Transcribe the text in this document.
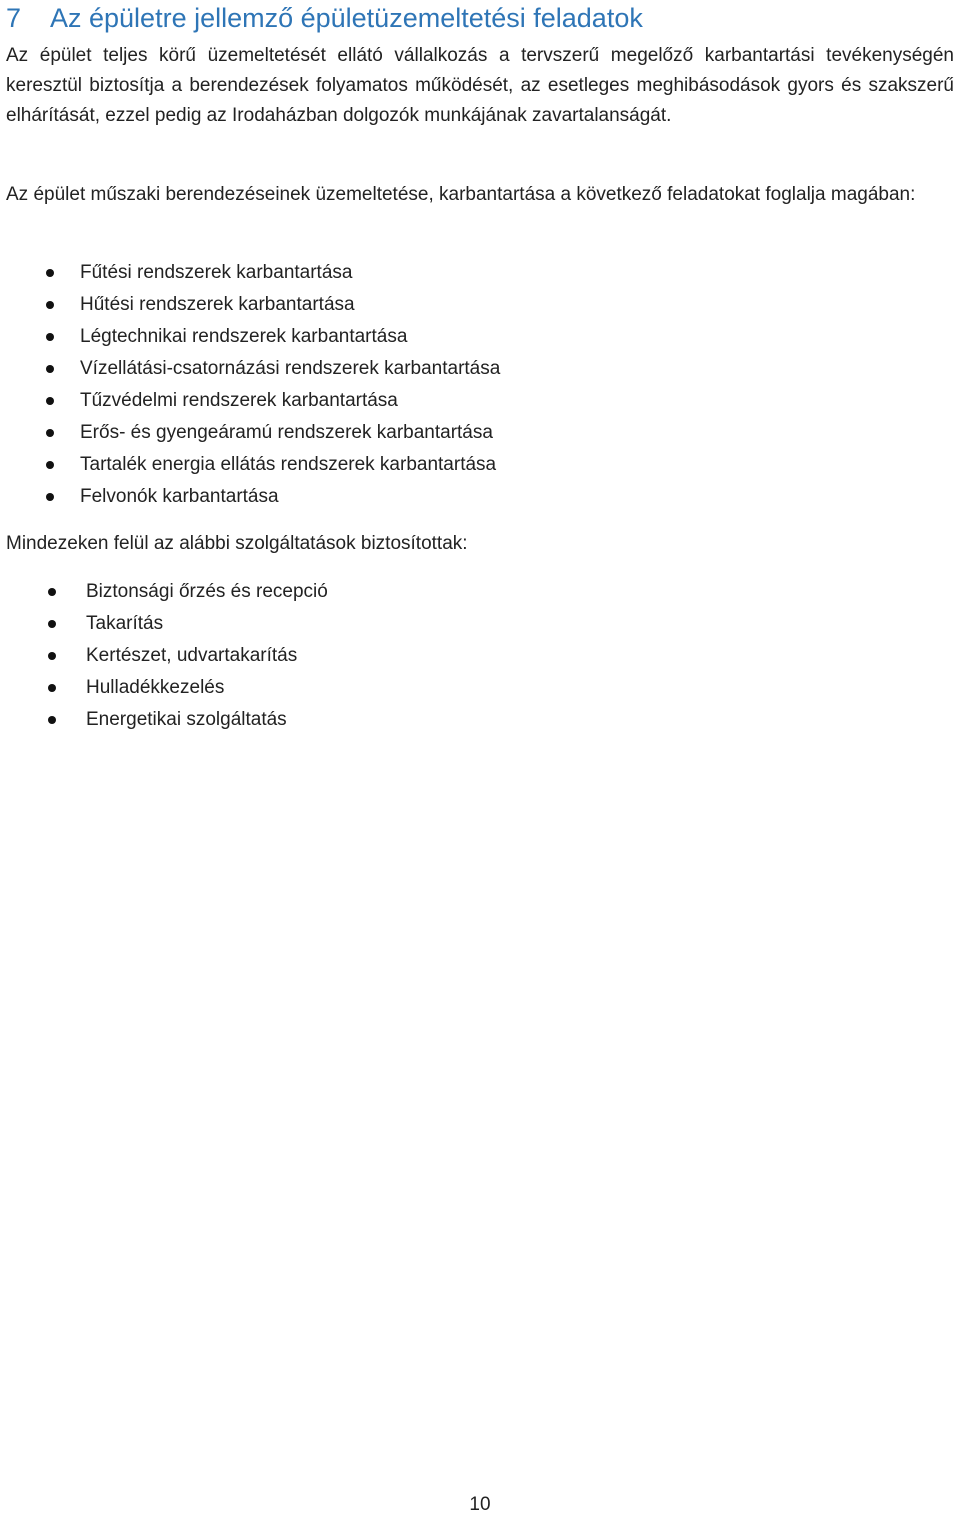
7 Az épületre jellemző épületüzemeltetési feladatok

Az épület teljes körű üzemeltetését ellátó vállalkozás a tervszerű megelőző karbantartási tevékenységén keresztül biztosítja a berendezések folyamatos működését, az esetleges meghibásodások gyors és szakszerű elhárítását, ezzel pedig az Irodaházban dolgozók munkájának zavartalanságát.

Az épület műszaki berendezéseinek üzemeltetése, karbantartása a következő feladatokat foglalja magában:

Fűtési rendszerek karbantartása
Hűtési rendszerek karbantartása
Légtechnikai rendszerek karbantartása
Vízellátási-csatornázási rendszerek karbantartása
Tűzvédelmi rendszerek karbantartása
Erős- és gyengeáramú rendszerek karbantartása
Tartalék energia ellátás rendszerek karbantartása
Felvonók karbantartása

Mindezeken felül az alábbi szolgáltatások biztosítottak:

Biztonsági őrzés és recepció
Takarítás
Kertészet, udvartakarítás
Hulladékkezelés
Energetikai szolgáltatás
10
